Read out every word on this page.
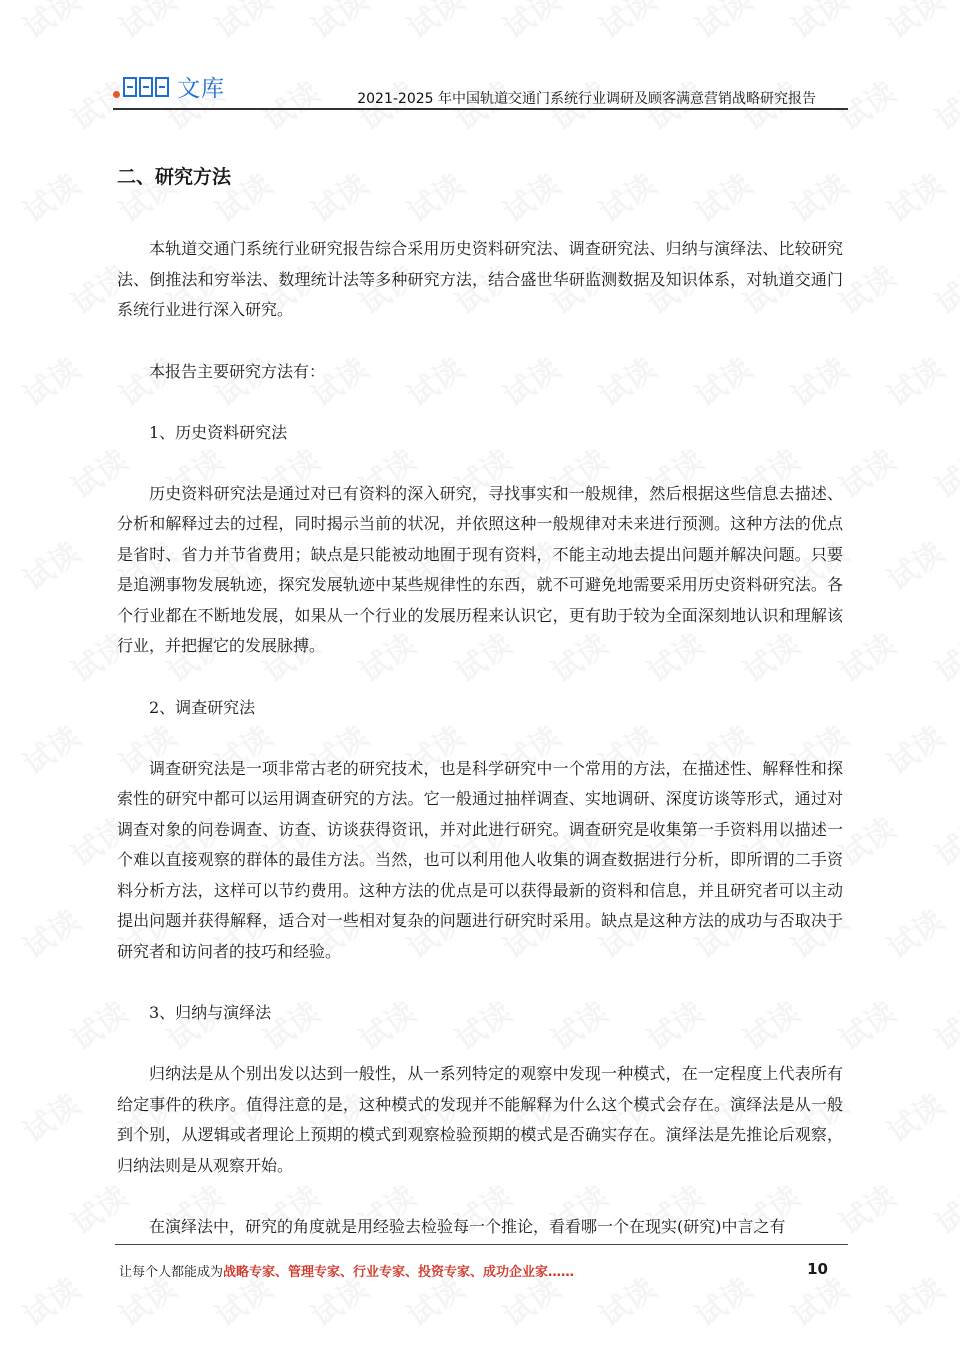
文库	2021-2025 年中国轨道交通门系统行业调研及顾客满意营销战略研究报告
二、研究方法

本轨道交通门系统行业研究报告综合采用历史资料研究法、调查研究法、归纳与演绎法、比较研究法、倒推法和穷举法、数理统计法等多种研究方法，结合盛世华研监测数据及知识体系，对轨道交通门系统行业进行深入研究。

本报告主要研究方法有：

1、历史资料研究法

历史资料研究法是通过对已有资料的深入研究，寻找事实和一般规律，然后根据这些信息去描述、分析和解释过去的过程，同时揭示当前的状况，并依照这种一般规律对未来进行预测。这种方法的优点是省时、省力并节省费用；缺点是只能被动地囿于现有资料，不能主动地去提出问题并解决问题。只要是追溯事物发展轨迹，探究发展轨迹中某些规律性的东西，就不可避免地需要采用历史资料研究法。各个行业都在不断地发展，如果从一个行业的发展历程来认识它，更有助于较为全面深刻地认识和理解该行业，并把握它的发展脉搏。

2、调查研究法

调查研究法是一项非常古老的研究技术，也是科学研究中一个常用的方法，在描述性、解释性和探索性的研究中都可以运用调查研究的方法。它一般通过抽样调查、实地调研、深度访谈等形式，通过对调查对象的问卷调查、访查、访谈获得资讯，并对此进行研究。调查研究是收集第一手资料用以描述一个难以直接观察的群体的最佳方法。当然，也可以利用他人收集的调查数据进行分析，即所谓的二手资料分析方法，这样可以节约费用。这种方法的优点是可以获得最新的资料和信息，并且研究者可以主动提出问题并获得解释，适合对一些相对复杂的问题进行研究时采用。缺点是这种方法的成功与否取决于研究者和访问者的技巧和经验。

3、归纳与演绎法

归纳法是从个别出发以达到一般性，从一系列特定的观察中发现一种模式，在一定程度上代表所有给定事件的秩序。值得注意的是，这种模式的发现并不能解释为什么这个模式会存在。演绎法是从一般到个别，从逻辑或者理论上预期的模式到观察检验预期的模式是否确实存在。演绎法是先推论后观察，归纳法则是从观察开始。

在演绎法中，研究的角度就是用经验去检验每一个推论，看看哪一个在现实(研究)中言之有

让每个人都能成为战略专家、管理专家、行业专家、投资专家、成功企业家……	10
